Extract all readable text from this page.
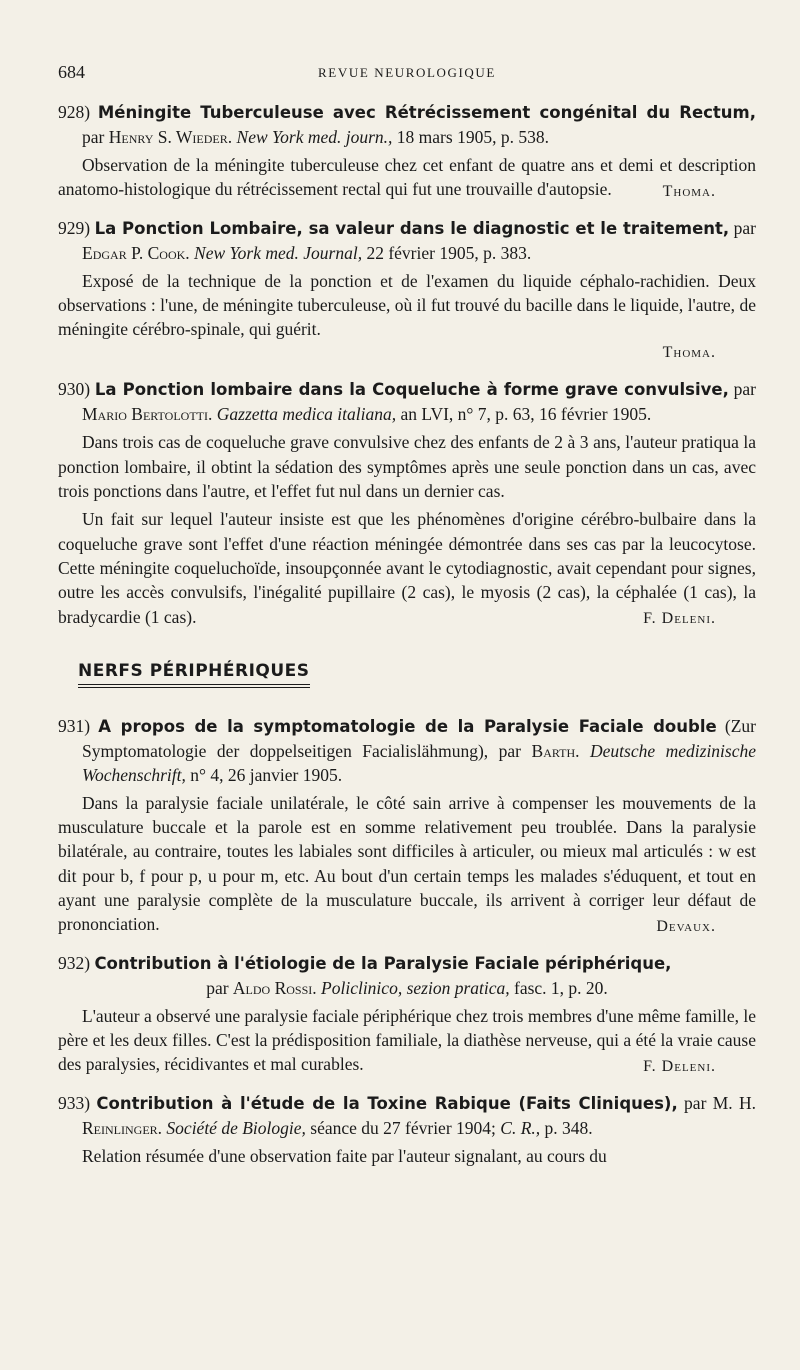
684	REVUE NEUROLOGIQUE
928) Méningite Tuberculeuse avec Rétrécissement congénital du Rectum, par Henry S. Wieder. New York med. journ., 18 mars 1905, p. 538.

Observation de la méningite tuberculeuse chez cet enfant de quatre ans et demi et description anatomo-histologique du rétrécissement rectal qui fut une trouvaille d'autopsie.	Thoma.
929) La Ponction Lombaire, sa valeur dans le diagnostic et le traitement, par Edgar P. Cook. New York med. Journal, 22 février 1905, p. 383.

Exposé de la technique de la ponction et de l'examen du liquide céphalo-rachidien. Deux observations : l'une, de méningite tuberculeuse, où il fut trouvé du bacille dans le liquide, l'autre, de méningite cérébro-spinale, qui guérit.

Thoma.
930) La Ponction lombaire dans la Coqueluche à forme grave convulsive, par Mario Bertolotti. Gazzetta medica italiana, an LVI, n° 7, p. 63, 16 février 1905.

Dans trois cas de coqueluche grave convulsive chez des enfants de 2 à 3 ans, l'auteur pratiqua la ponction lombaire, il obtint la sédation des symptômes après une seule ponction dans un cas, avec trois ponctions dans l'autre, et l'effet fut nul dans un dernier cas.

Un fait sur lequel l'auteur insiste est que les phénomènes d'origine cérébro-bulbaire dans la coqueluche grave sont l'effet d'une réaction méningée démontrée dans ses cas par la leucocytose. Cette méningite coqueluchoïde, insoupçonnée avant le cytodiagnostic, avait cependant pour signes, outre les accès convulsifs, l'inégalité pupillaire (2 cas), le myosis (2 cas), la céphalée (1 cas), la bradycardie (1 cas).	F. Deleni.
NERFS PÉRIPHÉRIQUES
931) A propos de la symptomatologie de la Paralysie Faciale double (Zur Symptomatologie der doppelseitigen Facialislähmung), par Barth. Deutsche medizinische Wochenschrift, n° 4, 26 janvier 1905.

Dans la paralysie faciale unilatérale, le côté sain arrive à compenser les mouvements de la musculature buccale et la parole est en somme relativement peu troublée. Dans la paralysie bilatérale, au contraire, toutes les labiales sont difficiles à articuler, ou mieux mal articulés : w est dit pour b, f pour p, u pour m, etc. Au bout d'un certain temps les malades s'éduquent, et tout en ayant une paralysie complète de la musculature buccale, ils arrivent à corriger leur défaut de prononciation.	Devaux.
932) Contribution à l'étiologie de la Paralysie Faciale périphérique,
par Aldo Rossi. Policlinico, sezion pratica, fasc. 1, p. 20.

L'auteur a observé une paralysie faciale périphérique chez trois membres d'une même famille, le père et les deux filles. C'est la prédisposition familiale, la diathèse nerveuse, qui a été la vraie cause des paralysies, récidivantes et mal curables.	F. Deleni.
933) Contribution à l'étude de la Toxine Rabique (Faits Cliniques), par M. H. Reinlinger. Société de Biologie, séance du 27 février 1904; C. R., p. 348.

Relation résumée d'une observation faite par l'auteur signalant, au cours du
